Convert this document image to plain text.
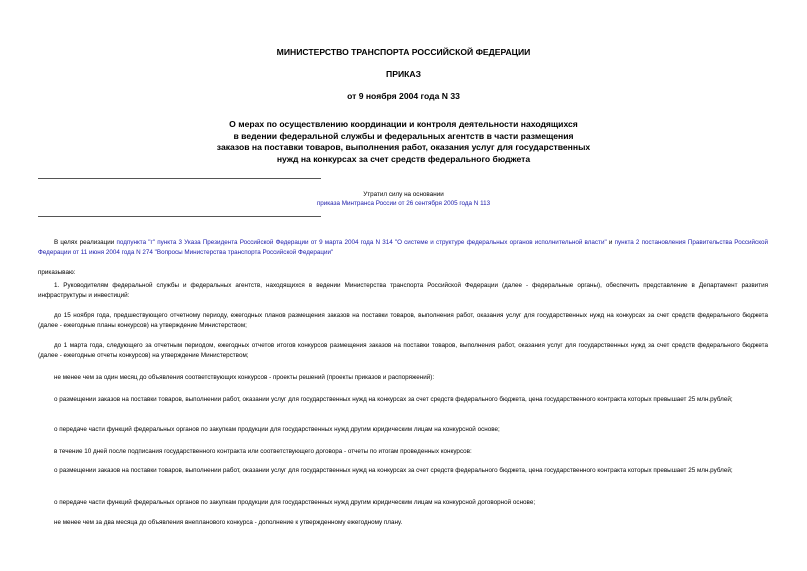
МИНИСТЕРСТВО ТРАНСПОРТА РОССИЙСКОЙ ФЕДЕРАЦИИ
ПРИКАЗ
от 9 ноября 2004 года N 33
О мерах по осуществлению координации и контроля деятельности находящихся
в ведении федеральной службы и федеральных агентств в части размещения
заказов на поставки товаров, выполнения работ, оказания услуг для государственных
нужд на конкурсах за счет средств федерального бюджета
Утратил силу на основании
приказа Минтранса России от 26 сентября 2005 года N 113
В целях реализации подпункта "г" пункта 3 Указа Президента Российской Федерации от 9 марта 2004 года N 314 "О системе и структуре федеральных органов исполнительной власти" и пункта 2 постановления Правительства Российской Федерации от 11 июня 2004 года N 274 "Вопросы Министерства транспорта Российской Федерации"
приказываю:
1. Руководителям федеральной службы и федеральных агентств, находящихся в ведении Министерства транспорта Российской Федерации (далее - федеральные органы), обеспечить представление в Департамент развития инфраструктуры и инвестиций:
до 15 ноября года, предшествующего отчетному периоду, ежегодных планов размещения заказов на поставки товаров, выполнения работ, оказания услуг для государственных нужд на конкурсах за счет средств федерального бюджета (далее - ежегодные планы конкурсов) на утверждение Министерством;
до 1 марта года, следующего за отчетным периодом, ежегодных отчетов итогов конкурсов размещения заказов на поставки товаров, выполнения работ, оказания услуг для государственных нужд за счет средств федерального бюджета (далее - ежегодные отчеты конкурсов) на утверждение Министерством;
не менее чем за один месяц до объявления соответствующих конкурсов - проекты решений (проекты приказов и распоряжений):
о размещении заказов на поставки товаров, выполнении работ, оказании услуг для государственных нужд на конкурсах за счет средств федерального бюджета, цена государственного контракта которых превышает 25 млн.рублей;
о передаче части функций федеральных органов по закупкам продукции для государственных нужд другим юридическим лицам на конкурсной основе;
в течение 10 дней после подписания государственного контракта или соответствующего договора - отчеты по итогам проведенных конкурсов:
о размещении заказов на поставки товаров, выполнении работ, оказании услуг для государственных нужд на конкурсах за счет средств федерального бюджета, цена государственного контракта которых превышает 25 млн.рублей;
о передаче части функций федеральных органов по закупкам продукции для государственных нужд другим юридическим лицам на конкурсной договорной основе;
не менее чем за два месяца до объявления внепланового конкурса - дополнение к утвержденному ежегодному плану.
